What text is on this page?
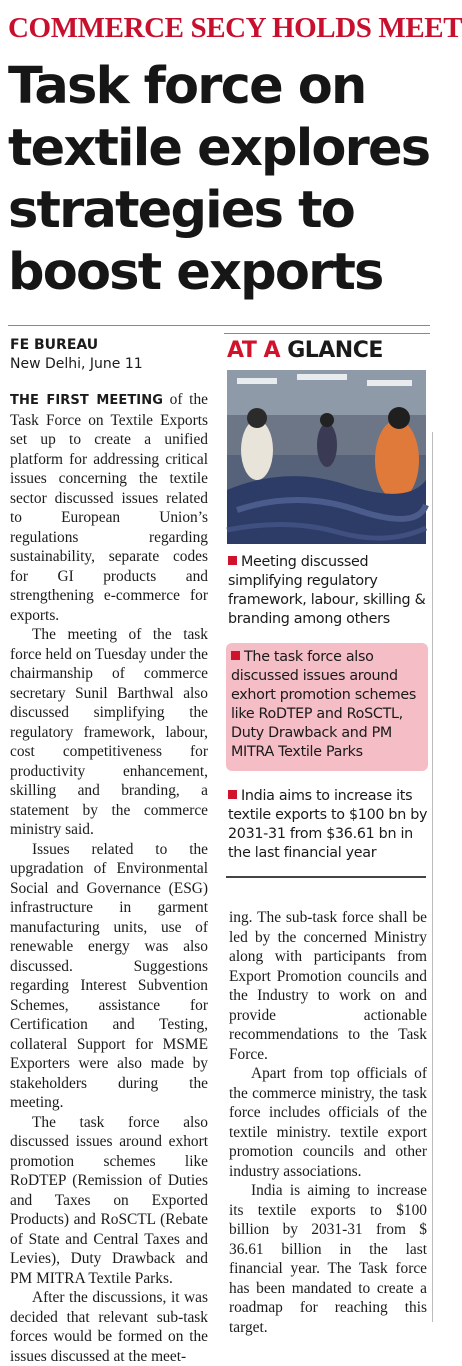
COMMERCE SECY HOLDS MEET
Task force on textile explores strategies to boost exports
FE BUREAU
New Delhi, June 11

THE FIRST MEETING of the Task Force on Textile Exports set up to create a unified platform for addressing critical issues concerning the textile sector discussed issues related to European Union’s regulations regarding sustainability, separate codes for GI products and strengthening e-commerce for exports.

The meeting of the task force held on Tuesday under the chairmanship of commerce secretary Sunil Barthwal also discussed simplifying the regulatory framework, labour, cost competitiveness for productivity enhancement, skilling and branding, a statement by the commerce ministry said.

Issues related to the upgradation of Environmental Social and Governance (ESG) infrastructure in garment manufacturing units, use of renewable energy was also discussed. Suggestions regarding Interest Subvention Schemes, assistance for Certification and Testing, collateral Support for MSME Exporters were also made by stakeholders during the meeting.

The task force also discussed issues around exhort promotion schemes like RoDTEP (Remission of Duties and Taxes on Exported Products) and RoSCTL (Rebate of State and Central Taxes and Levies), Duty Drawback and PM MITRA Textile Parks.

After the discussions, it was decided that relevant sub-task forces would be formed on the issues discussed at the meet-

AT A GLANCE
Meeting discussed simplifying regulatory framework, labour, skilling & branding among others
The task force also discussed issues around exhort promotion schemes like RoDTEP and RoSCTL, Duty Drawback and PM MITRA Textile Parks
India aims to increase its textile exports to $100 bn by 2031-31 from $36.61 bn in the last financial year

ing. The sub-task force shall be led by the concerned Ministry along with participants from Export Promotion councils and the Industry to work on and provide actionable recommendations to the Task Force.

Apart from top officials of the commerce ministry, the task force includes officials of the textile ministry. textile export promotion councils and other industry associations.

India is aiming to increase its textile exports to $100 billion by 2031-31 from $ 36.61 billion in the last financial year. The Task force has been mandated to create a roadmap for reaching this target.
